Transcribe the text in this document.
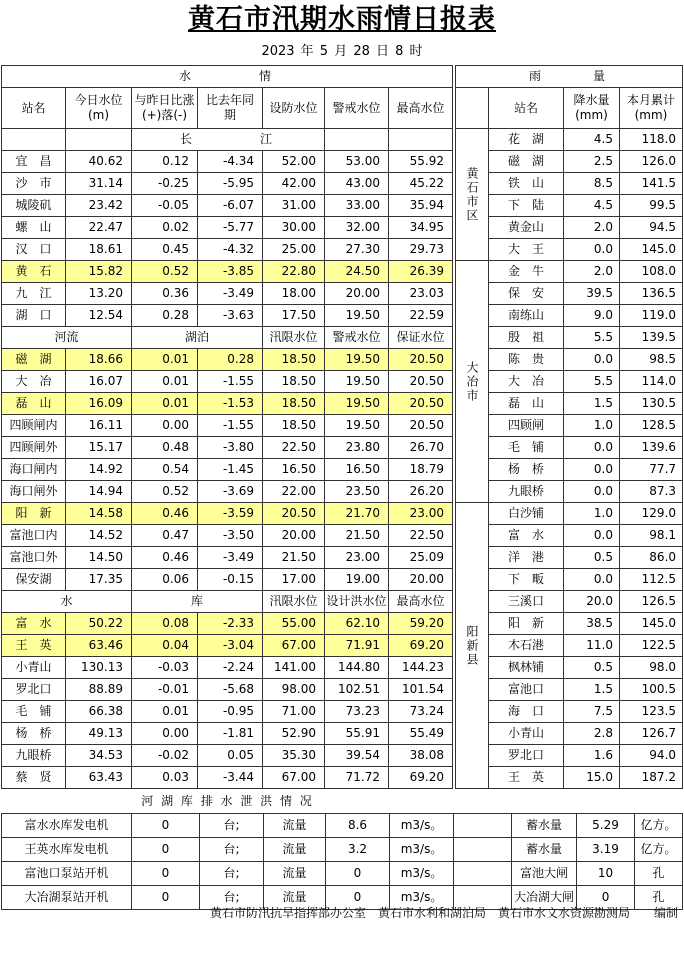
黄石市汛期水雨情日报表
2023 年 5 月 28 日 8 时
水　　　　情						
站名	今日水位(m)	与昨日比涨(+)落(-)	比去年同　期	设防水位	警戒水位	最高水位
		长　　　　江				
宜　昌	40.62	0.12	-4.34	52.00	53.00	55.92
沙　市	31.14	-0.25	-5.95	42.00	43.00	45.22
城陵矶	23.42	-0.05	-6.07	31.00	33.00	35.94
螺　山	22.47	0.02	-5.77	30.00	32.00	34.95
汉　口	18.61	0.45	-4.32	25.00	27.30	29.73
黄　石	15.82	0.52	-3.85	22.80	24.50	26.39
九　江	13.20	0.36	-3.49	18.00	20.00	23.03
湖　口	12.54	0.28	-3.63	17.50	19.50	22.59
河流		湖泊		汛限水位	警戒水位	保证水位
磁　湖	18.66	0.01	0.28	18.50	19.50	20.50
大　冶	16.07	0.01	-1.55	18.50	19.50	20.50
磊　山	16.09	0.01	-1.53	18.50	19.50	20.50
四顾闸内	16.11	0.00	-1.55	18.50	19.50	20.50
四顾闸外	15.17	0.48	-3.80	22.50	23.80	26.70
海口闸内	14.92	0.54	-1.45	16.50	16.50	18.79
海口闸外	14.94	0.52	-3.69	22.00	23.50	26.20
阳　新	14.58	0.46	-3.59	20.50	21.70	23.00
富池口内	14.52	0.47	-3.50	20.00	21.50	22.50
富池口外	14.50	0.46	-3.49	21.50	23.00	25.09
保安湖	17.35	0.06	-0.15	17.00	19.00	20.00
水		库		汛限水位	设计洪水位	最高水位
富　水	50.22	0.08	-2.33	55.00	62.10	59.20
王　英	63.46	0.04	-3.04	67.00	71.91	69.20
小青山	130.13	-0.03	-2.24	141.00	144.80	144.23
罗北口	88.89	-0.01	-5.68	98.00	102.51	101.54
毛　铺	66.38	0.01	-0.95	71.00	73.23	73.24
杨　桥	49.13	0.00	-1.81	52.90	55.91	55.49
九眼桥	34.53	-0.02	0.05	35.30	39.54	38.08
蔡　贤	63.43	0.03	-3.44	67.00	71.72	69.20
雨　　　量			
	站名	降水量(mm)	本月累计(mm)
黄石市区	花　湖	4.5	118.0
	磁　湖	2.5	126.0
	铁　山	8.5	141.5
	下　陆	4.5	99.5
	黄金山	2.0	94.5
	大　王	0.0	145.0
大冶市	金　牛	2.0	108.0
	保　安	39.5	136.5
	南练山	9.0	119.0
	殷　祖	5.5	139.5
	陈　贵	0.0	98.5
	大　冶	5.5	114.0
	磊　山	1.5	130.5
	四顾闸	1.0	128.5
	毛　铺	0.0	139.6
	杨　桥	0.0	77.7
	九眼桥	0.0	87.3
阳新县	白沙铺	1.0	129.0
	富　水	0.0	98.1
	洋　港	0.5	86.0
	下　畈	0.0	112.5
	三溪口	20.0	126.5
	阳　新	38.5	145.0
	木石港	11.0	122.5
	枫林铺	0.5	98.0
	富池口	1.5	100.5
	海　口	7.5	123.5
	小青山	2.8	126.7
	罗北口	1.6	94.0
	王　英	15.0	187.2
河 湖 库 排 水 泄 洪 情 况									
富水水库发电机	0	台;	流量	8.6	m3/s。		蓄水量	5.29	亿方。
王英水库发电机	0	台;	流量	3.2	m3/s。		蓄水量	3.19	亿方。
富池口泵站开机	0	台;	流量	0	m3/s。		富池大闸	10	孔
大冶湖泵站开机	0	台;	流量	0	m3/s。		大冶湖大闸	0	孔
黄石市防汛抗旱指挥部办公室　黄石市水利和湖泊局　黄石市水文水资源勘测局　　编制
